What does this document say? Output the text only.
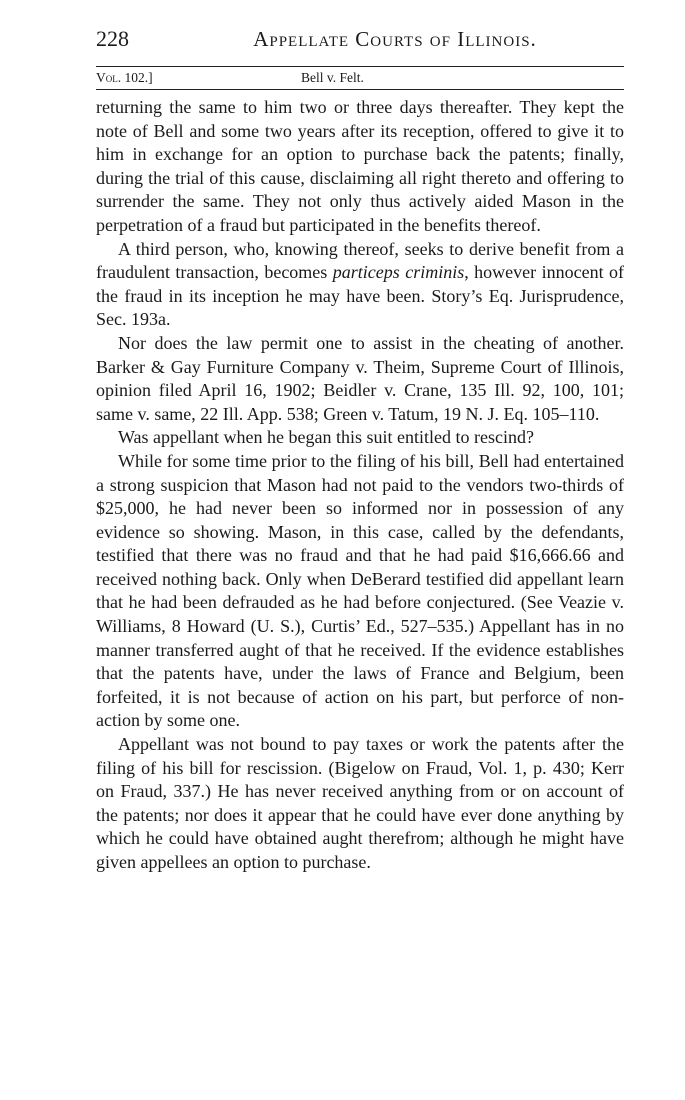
228	Appellate Courts of Illinois.
Vol. 102.]	Bell v. Felt.

returning the same to him two or three days thereafter. They kept the note of Bell and some two years after its reception, offered to give it to him in exchange for an option to purchase back the patents; finally, during the trial of this cause, disclaiming all right thereto and offering to surrender the same. They not only thus actively aided Mason in the perpetration of a fraud but participated in the benefits thereof.

A third person, who, knowing thereof, seeks to derive benefit from a fraudulent transaction, becomes particeps criminis, however innocent of the fraud in its inception he may have been. Story’s Eq. Jurisprudence, Sec. 193a.

Nor does the law permit one to assist in the cheating of another. Barker & Gay Furniture Company v. Theim, Supreme Court of Illinois, opinion filed April 16, 1902; Beidler v. Crane, 135 Ill. 92, 100, 101; same v. same, 22 Ill. App. 538; Green v. Tatum, 19 N. J. Eq. 105–110.

Was appellant when he began this suit entitled to rescind?

While for some time prior to the filing of his bill, Bell had entertained a strong suspicion that Mason had not paid to the vendors two-thirds of $25,000, he had never been so informed nor in possession of any evidence so showing. Mason, in this case, called by the defendants, testified that there was no fraud and that he had paid $16,666.66 and received nothing back. Only when DeBerard testified did appellant learn that he had been defrauded as he had before conjectured. (See Veazie v. Williams, 8 Howard (U. S.), Curtis’ Ed., 527–535.) Appellant has in no manner transferred aught of that he received. If the evidence establishes that the patents have, under the laws of France and Belgium, been forfeited, it is not because of action on his part, but perforce of non-action by some one.

Appellant was not bound to pay taxes or work the patents after the filing of his bill for rescission. (Bigelow on Fraud, Vol. 1, p. 430; Kerr on Fraud, 337.) He has never received anything from or on account of the patents; nor does it appear that he could have ever done anything by which he could have obtained aught therefrom; although he might have given appellees an option to purchase.
